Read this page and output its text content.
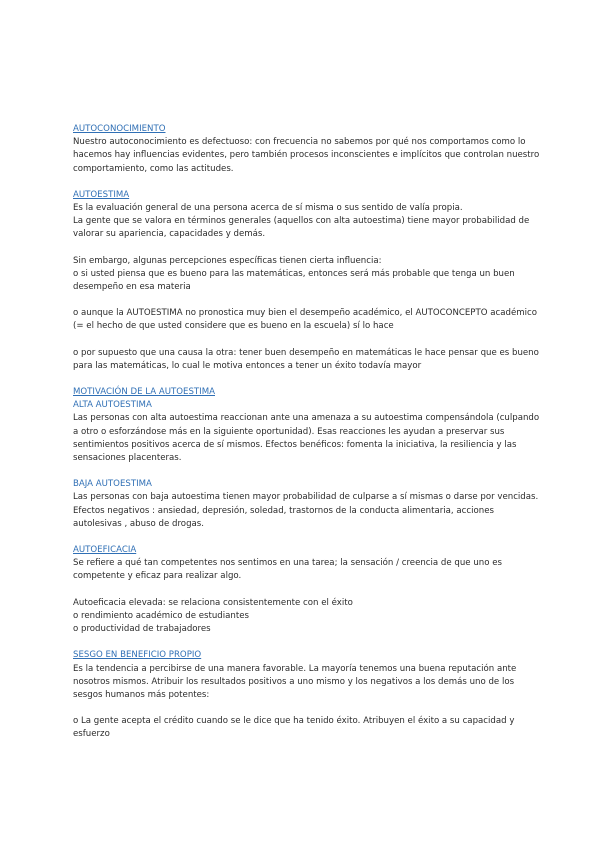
AUTOCONOCIMIENTO

Nuestro autoconocimiento es defectuoso: con frecuencia no sabemos por qué nos comportamos como lo hacemos hay influencias evidentes, pero también procesos inconscientes e implícitos que controlan nuestro comportamiento, como las actitudes.

AUTOESTIMA

Es la evaluación general de una persona acerca de sí misma o sus sentido de valía propia.

La gente que se valora en términos generales (aquellos con alta autoestima) tiene mayor probabilidad de valorar su apariencia, capacidades y demás.

Sin embargo, algunas percepciones específicas tienen cierta influencia:

o si usted piensa que es bueno para las matemáticas, entonces será más probable que tenga un buen desempeño en esa materia

o aunque la AUTOESTIMA no pronostica muy bien el desempeño académico, el AUTOCONCEPTO académico (= el hecho de que usted considere que es bueno en la escuela) sí lo hace

o por supuesto que una causa la otra: tener buen desempeño en matemáticas le hace pensar que es bueno para las matemáticas, lo cual le motiva entonces a tener un éxito todavía mayor

MOTIVACIÓN DE LA AUTOESTIMA

ALTA AUTOESTIMA

Las personas con alta autoestima reaccionan ante una amenaza a su autoestima compensándola (culpando a otro o esforzándose más en la siguiente oportunidad). Esas reacciones les ayudan a preservar sus sentimientos positivos acerca de sí mismos. Efectos benéficos: fomenta la iniciativa, la resiliencia y las sensaciones placenteras.

BAJA AUTOESTIMA

Las personas con baja autoestima tienen mayor probabilidad de culparse a sí mismas o darse por vencidas.

Efectos negativos : ansiedad, depresión, soledad, trastornos de la conducta alimentaria, acciones autolesivas , abuso de drogas.

AUTOEFICACIA

Se refiere a qué tan competentes nos sentimos en una tarea; la sensación / creencia de que uno es competente y eficaz para realizar algo.

Autoeficacia elevada: se relaciona consistentemente con el éxito

o rendimiento académico de estudiantes

o productividad de trabajadores

SESGO EN BENEFICIO PROPIO

Es la tendencia a percibirse de una manera favorable. La mayoría tenemos una buena reputación ante nosotros mismos. Atribuir los resultados positivos a uno mismo y los negativos a los demás uno de los sesgos humanos más potentes:

o La gente acepta el crédito cuando se le dice que ha tenido éxito. Atribuyen el éxito a su capacidad y esfuerzo
